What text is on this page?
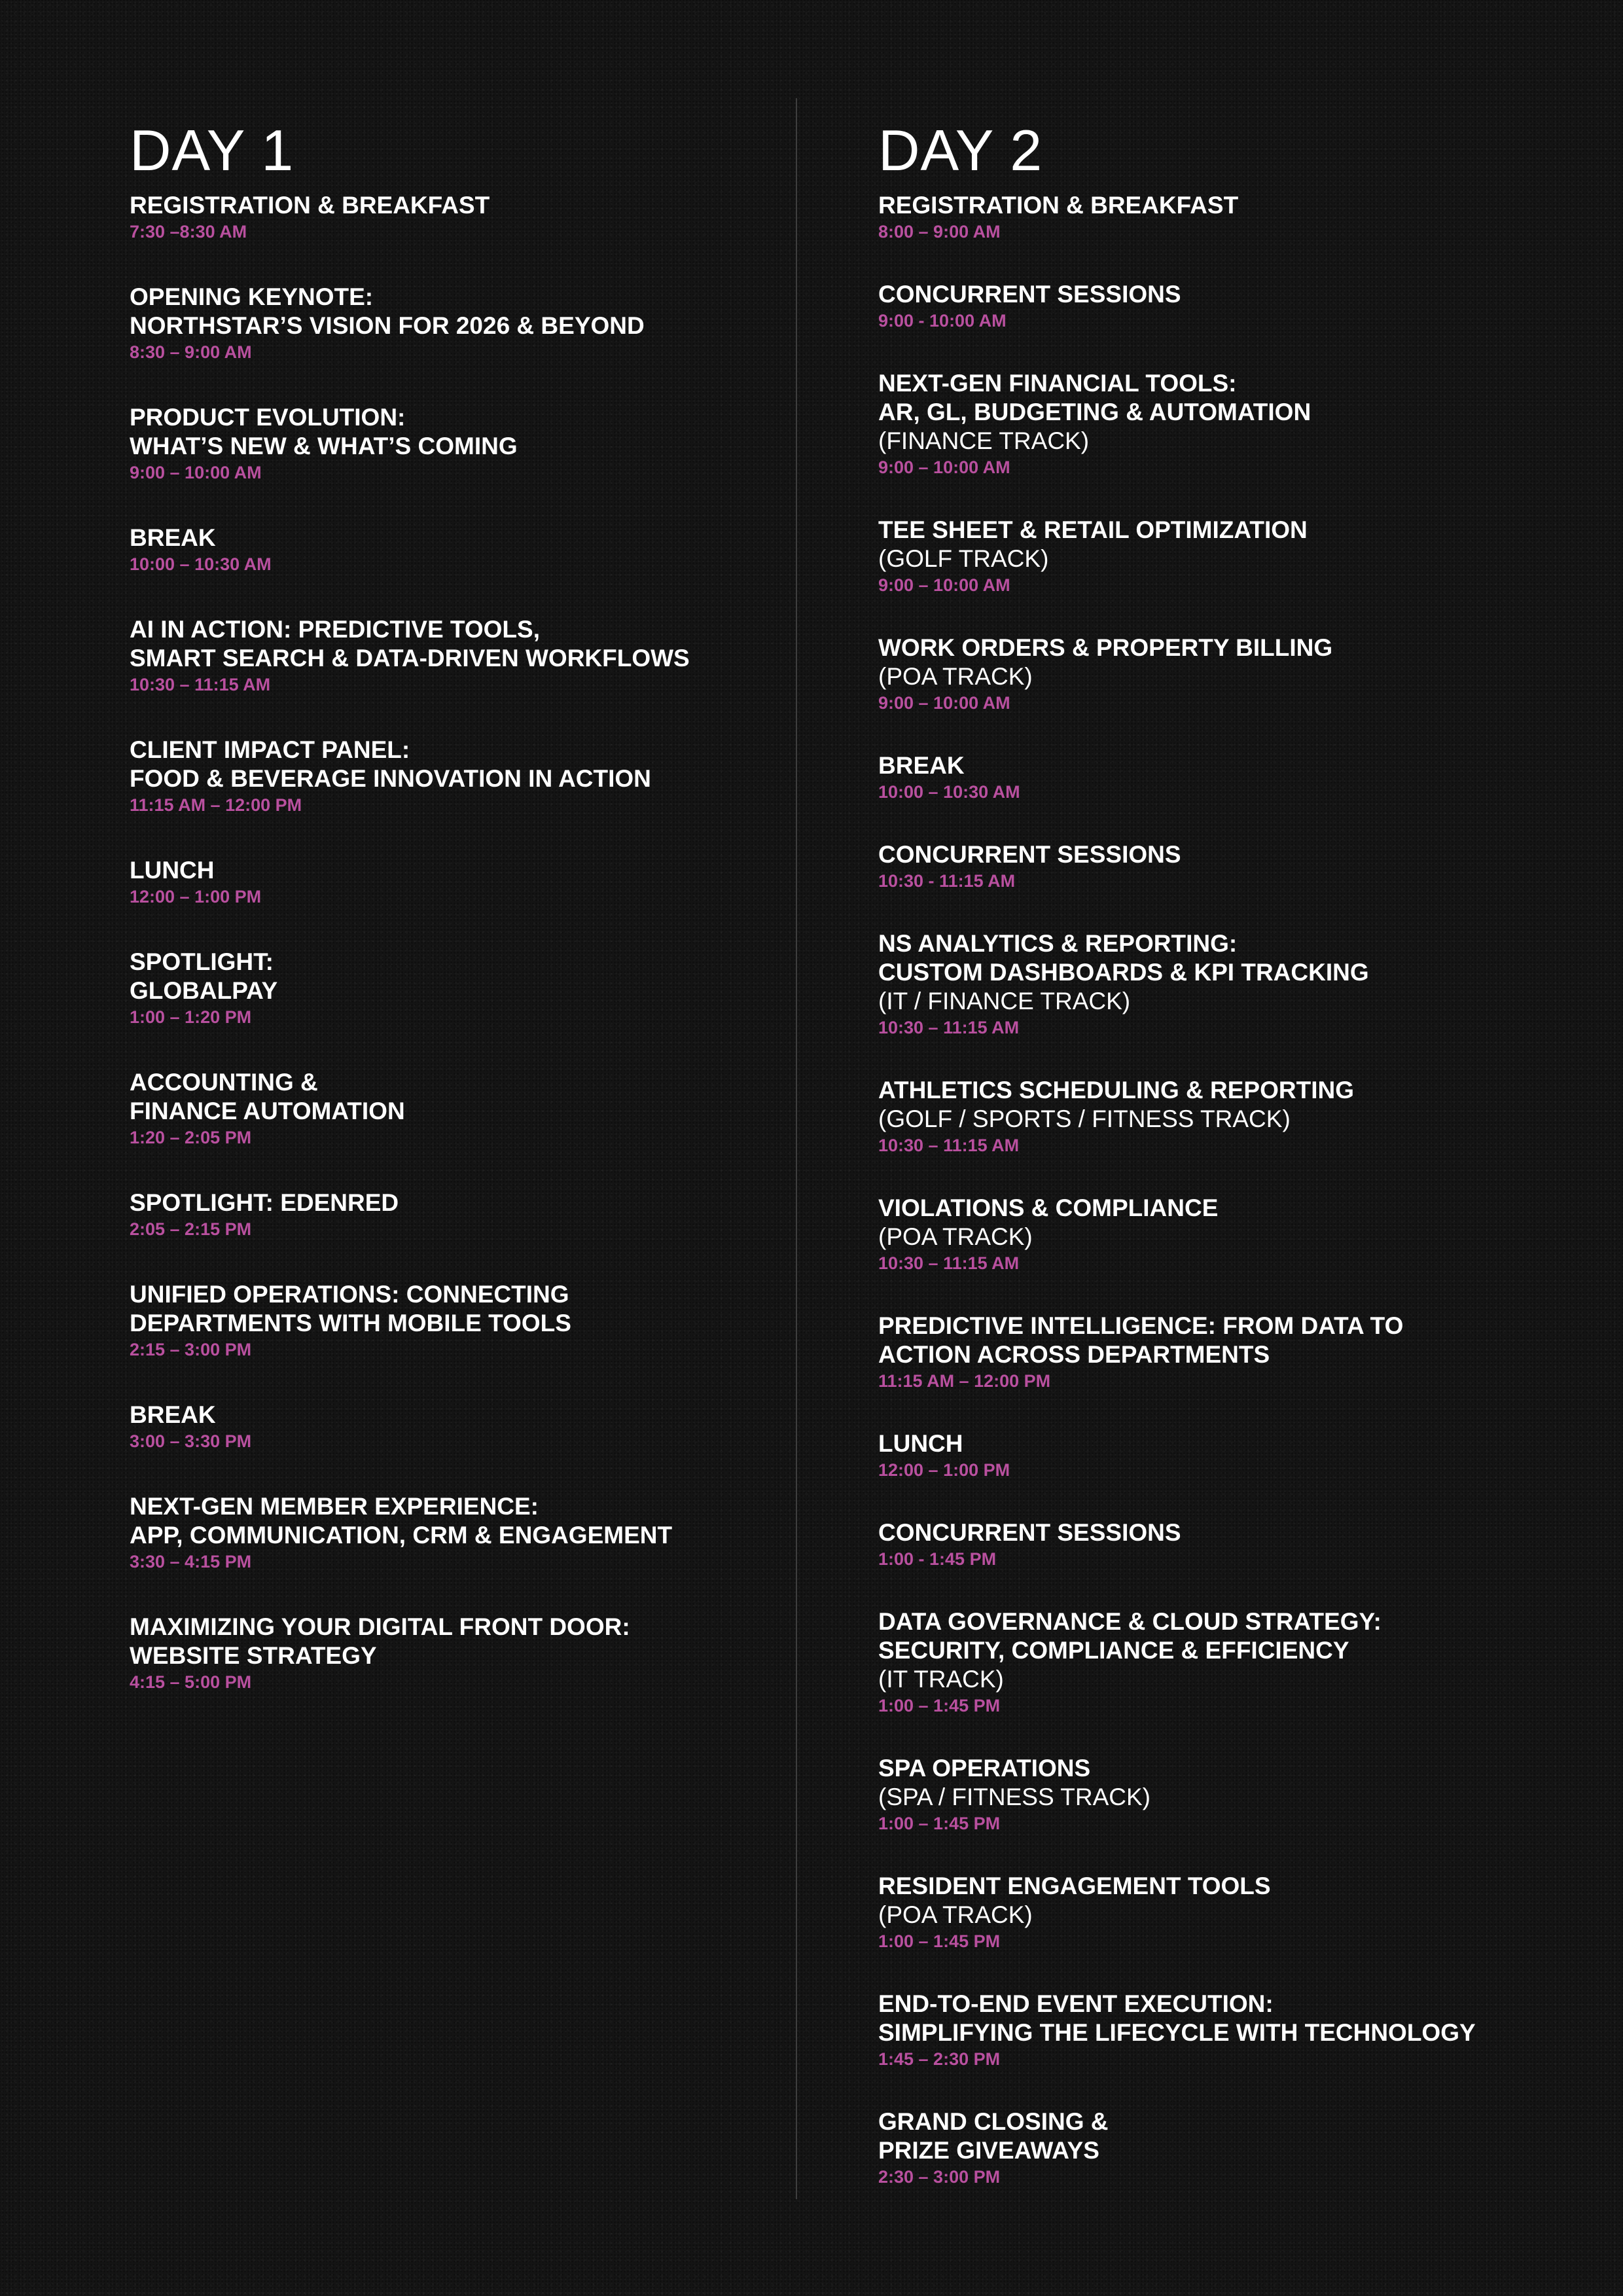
DAY 1
REGISTRATION & BREAKFAST
7:30 –8:30 AM
OPENING KEYNOTE:
NORTHSTAR’S VISION FOR 2026 & BEYOND
8:30 – 9:00 AM
PRODUCT EVOLUTION:
WHAT’S NEW & WHAT’S COMING
9:00 – 10:00 AM
BREAK
10:00 – 10:30 AM
AI IN ACTION: PREDICTIVE TOOLS,
SMART SEARCH & DATA-DRIVEN WORKFLOWS
10:30 – 11:15 AM
CLIENT IMPACT PANEL:
FOOD & BEVERAGE INNOVATION IN ACTION
11:15 AM – 12:00 PM
LUNCH
12:00 – 1:00 PM
SPOTLIGHT:
GLOBALPAY
1:00 – 1:20 PM
ACCOUNTING &
FINANCE AUTOMATION
1:20 – 2:05 PM
SPOTLIGHT: EDENRED
2:05 – 2:15 PM
UNIFIED OPERATIONS: CONNECTING
DEPARTMENTS WITH MOBILE TOOLS
2:15 – 3:00 PM
BREAK
3:00 – 3:30 PM
NEXT-GEN MEMBER EXPERIENCE:
APP, COMMUNICATION, CRM & ENGAGEMENT
3:30 – 4:15 PM
MAXIMIZING YOUR DIGITAL FRONT DOOR:
WEBSITE STRATEGY
4:15 – 5:00 PM
DAY 2
REGISTRATION & BREAKFAST
8:00 – 9:00 AM
CONCURRENT SESSIONS
9:00 - 10:00 AM
NEXT-GEN FINANCIAL TOOLS:
AR, GL, BUDGETING & AUTOMATION
(FINANCE TRACK)
9:00 – 10:00 AM
TEE SHEET & RETAIL OPTIMIZATION
(GOLF TRACK)
9:00 – 10:00 AM
WORK ORDERS & PROPERTY BILLING
(POA TRACK)
9:00 – 10:00 AM
BREAK
10:00 – 10:30 AM
CONCURRENT SESSIONS
10:30 - 11:15 AM
NS ANALYTICS & REPORTING:
CUSTOM DASHBOARDS & KPI TRACKING
(IT / FINANCE TRACK)
10:30 – 11:15 AM
ATHLETICS SCHEDULING & REPORTING
(GOLF / SPORTS / FITNESS TRACK)
10:30 – 11:15 AM
VIOLATIONS & COMPLIANCE
(POA TRACK)
10:30 – 11:15 AM
PREDICTIVE INTELLIGENCE: FROM DATA TO
ACTION ACROSS DEPARTMENTS
11:15 AM – 12:00 PM
LUNCH
12:00 – 1:00 PM
CONCURRENT SESSIONS
1:00 - 1:45 PM
DATA GOVERNANCE & CLOUD STRATEGY:
SECURITY, COMPLIANCE & EFFICIENCY
(IT TRACK)
1:00 – 1:45 PM
SPA OPERATIONS
(SPA / FITNESS TRACK)
1:00 – 1:45 PM
RESIDENT ENGAGEMENT TOOLS
(POA TRACK)
1:00 – 1:45 PM
END-TO-END EVENT EXECUTION:
SIMPLIFYING THE LIFECYCLE WITH TECHNOLOGY
1:45 – 2:30 PM
GRAND CLOSING &
PRIZE GIVEAWAYS
2:30 – 3:00 PM
